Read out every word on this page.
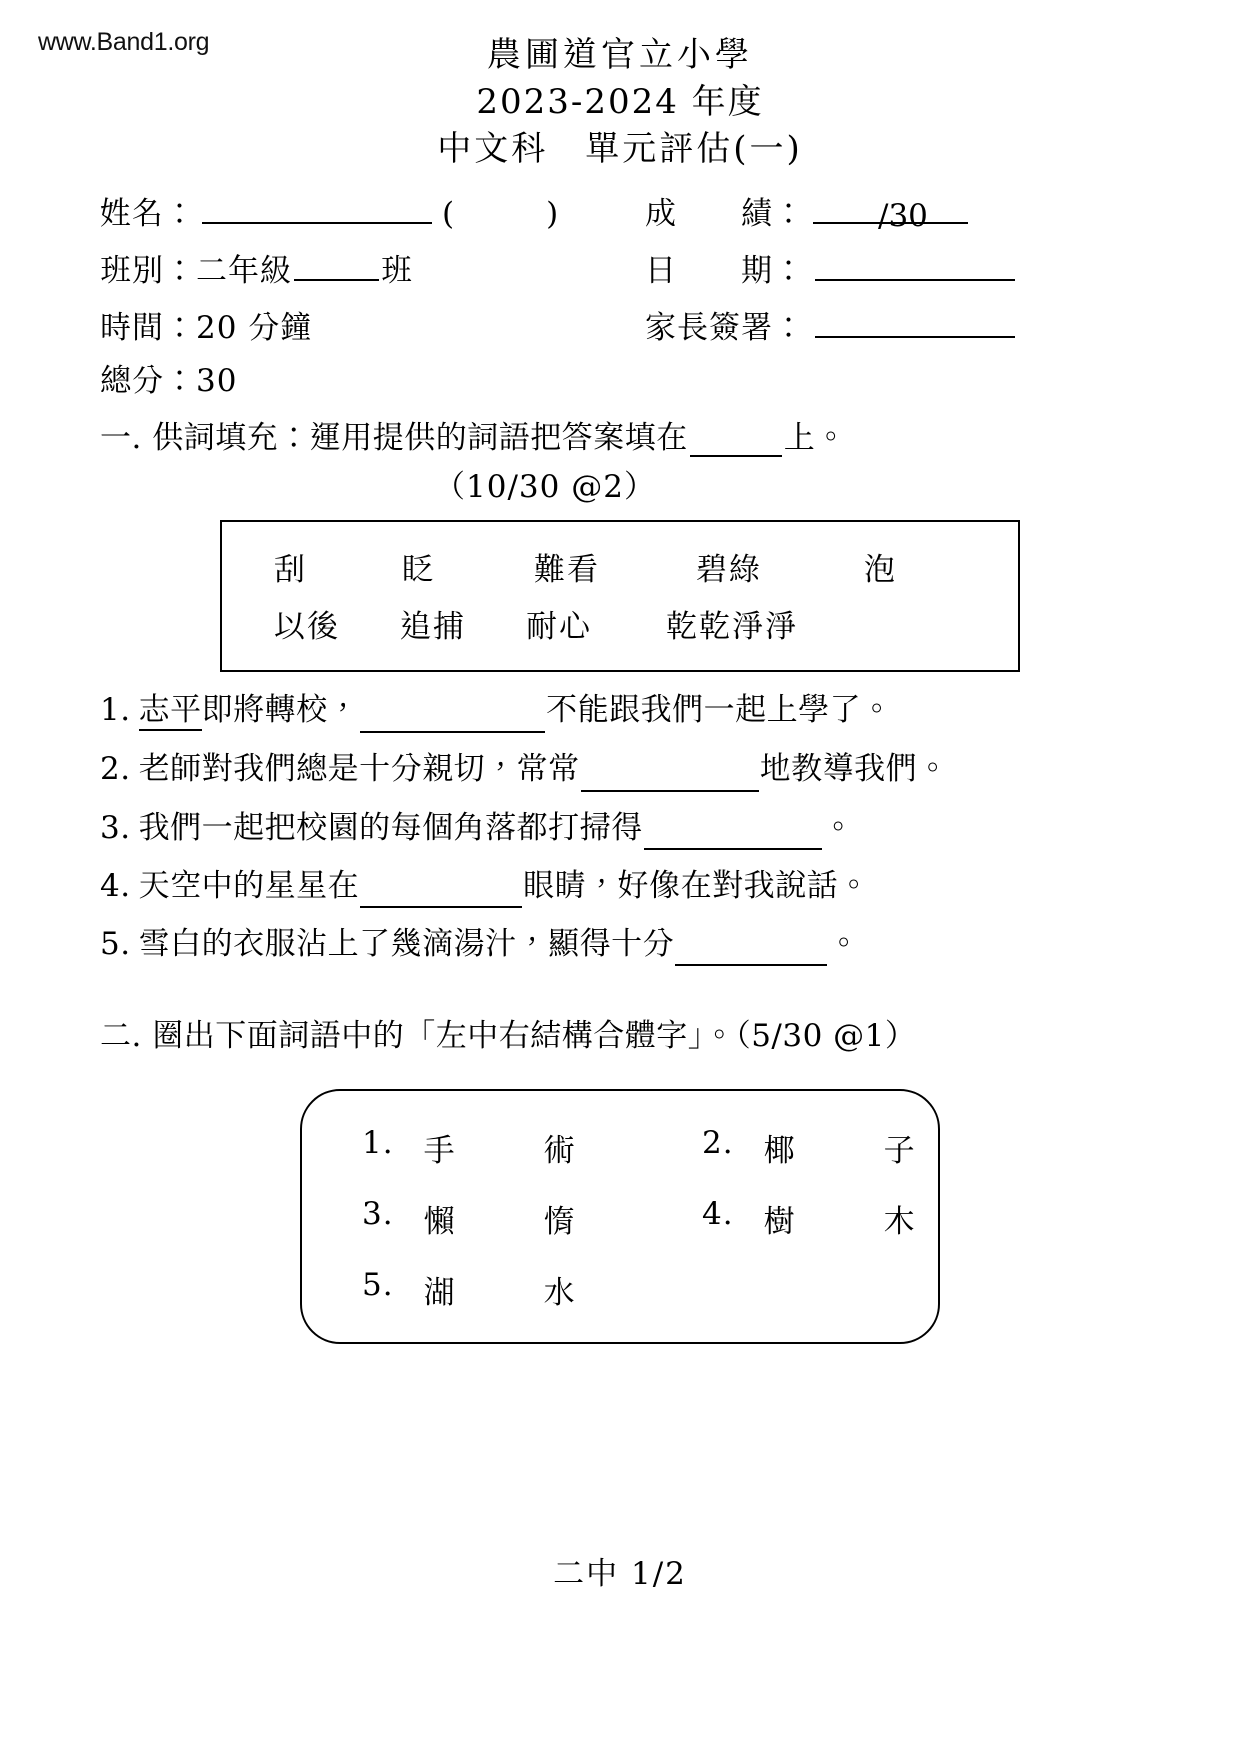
www.Band1.org	農圃道官立小學
2023-2024 年度
中文科　單元評估(一)
姓名：	(　　) 成　　績： /30
班別： 二年級	班	日　　期：
時間：20 分鐘	家長簽署：
總分：30
一. 供詞填充：運用提供的詞語把答案填在	上。
（10/30 @2）
刮	眨	難看	碧綠	泡
以後	追捕	耐心	乾乾淨淨
1. 志平即將轉校，	不能跟我們一起上學了。
2. 老師對我們總是十分親切，常常	地教導我們。
3. 我們一起把校園的每個角落都打掃得	。
4. 天空中的星星在	眼睛，好像在對我說話。
5. 雪白的衣服沾上了幾滴湯汁，顯得十分	。
二. 圈出下面詞語中的「左中右結構合體字」。（5/30 @1）
1. 手	術	2. 椰	子
3. 懶	惰	4. 樹	木
5. 湖	水
二中 1/2
